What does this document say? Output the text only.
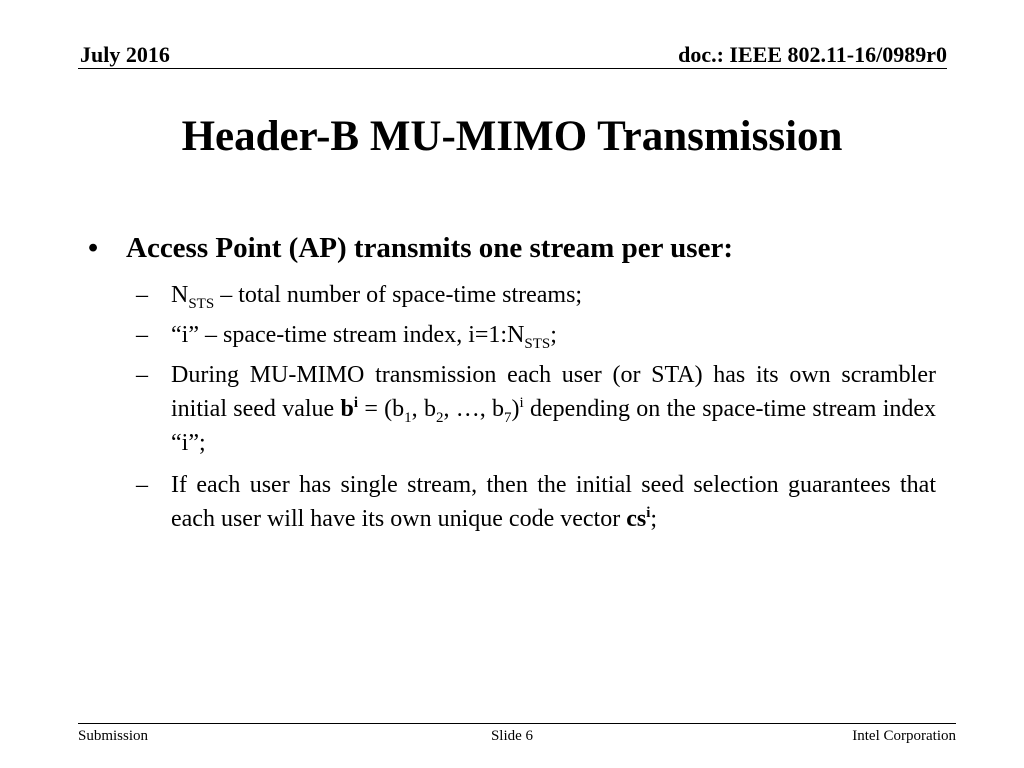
July 2016	doc.: IEEE 802.11-16/0989r0
Header-B MU-MIMO Transmission
• Access Point (AP) transmits one stream per user:
– $N_{STS}$ – total number of space-time streams;
– “i” – space-time stream index, $i=1:N_{STS}$;
– During MU-MIMO transmission each user (or STA) has its own scrambler initial seed value $b^i = (b_1$, $b_2$, …, $b_7)^i$ depending on the space-time stream index “i”;
– If each user has single stream, then the initial seed selection guarantees that each user will have its own unique code vector $cs^i$;
Submission	Slide 6	Intel Corporation
